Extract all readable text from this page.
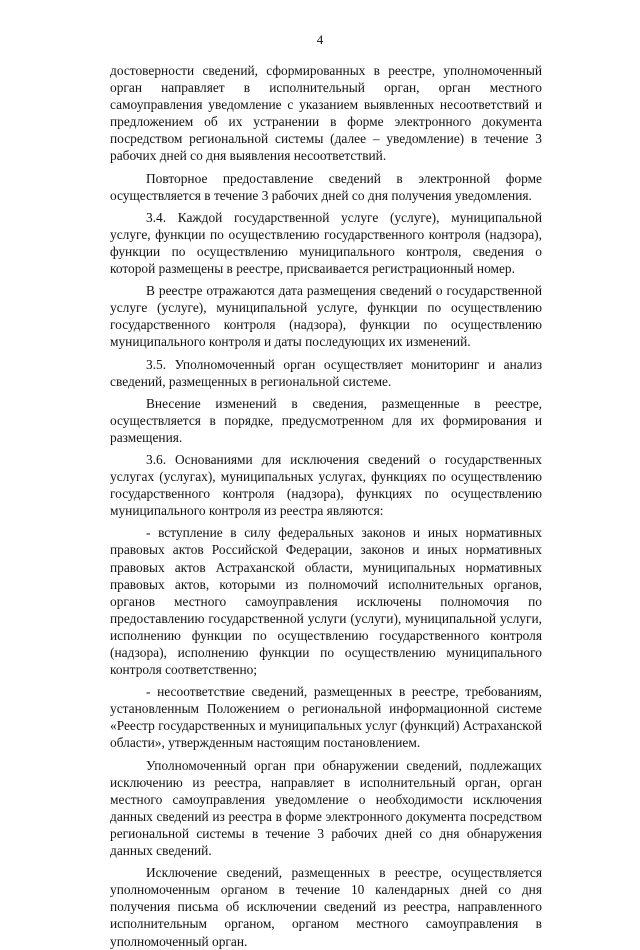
4

достоверности сведений, сформированных в реестре, уполномоченный орган направляет в исполнительный орган, орган местного самоуправления уведомление с указанием выявленных несоответствий и предложением об их устранении в форме электронного документа посредством региональной системы (далее – уведомление) в течение 3 рабочих дней со дня выявления несоответствий.

Повторное предоставление сведений в электронной форме осуществляется в течение 3 рабочих дней со дня получения уведомления.

3.4. Каждой государственной услуге (услуге), муниципальной услуге, функции по осуществлению государственного контроля (надзора), функции по осуществлению муниципального контроля, сведения о которой размещены в реестре, присваивается регистрационный номер.

В реестре отражаются дата размещения сведений о государственной услуге (услуге), муниципальной услуге, функции по осуществлению государственного контроля (надзора), функции по осуществлению муниципального контроля и даты последующих их изменений.

3.5. Уполномоченный орган осуществляет мониторинг и анализ сведений, размещенных в региональной системе.

Внесение изменений в сведения, размещенные в реестре, осуществляется в порядке, предусмотренном для их формирования и размещения.

3.6. Основаниями для исключения сведений о государственных услугах (услугах), муниципальных услугах, функциях по осуществлению государственного контроля (надзора), функциях по осуществлению муниципального контроля из реестра являются:

- вступление в силу федеральных законов и иных нормативных правовых актов Российской Федерации, законов и иных нормативных правовых актов Астраханской области, муниципальных нормативных правовых актов, которыми из полномочий исполнительных органов, органов местного самоуправления исключены полномочия по предоставлению государственной услуги (услуги), муниципальной услуги, исполнению функции по осуществлению государственного контроля (надзора), исполнению функции по осуществлению муниципального контроля соответственно;

- несоответствие сведений, размещенных в реестре, требованиям, установленным Положением о региональной информационной системе «Реестр государственных и муниципальных услуг (функций) Астраханской области», утвержденным настоящим постановлением.

Уполномоченный орган при обнаружении сведений, подлежащих исключению из реестра, направляет в исполнительный орган, орган местного самоуправления уведомление о необходимости исключения данных сведений из реестра в форме электронного документа посредством региональной системы в течение 3 рабочих дней со дня обнаружения данных сведений.

Исключение сведений, размещенных в реестре, осуществляется уполномоченным органом в течение 10 календарных дней со дня получения письма об исключении сведений из реестра, направленного исполнительным органом, органом местного самоуправления в уполномоченный орган.
